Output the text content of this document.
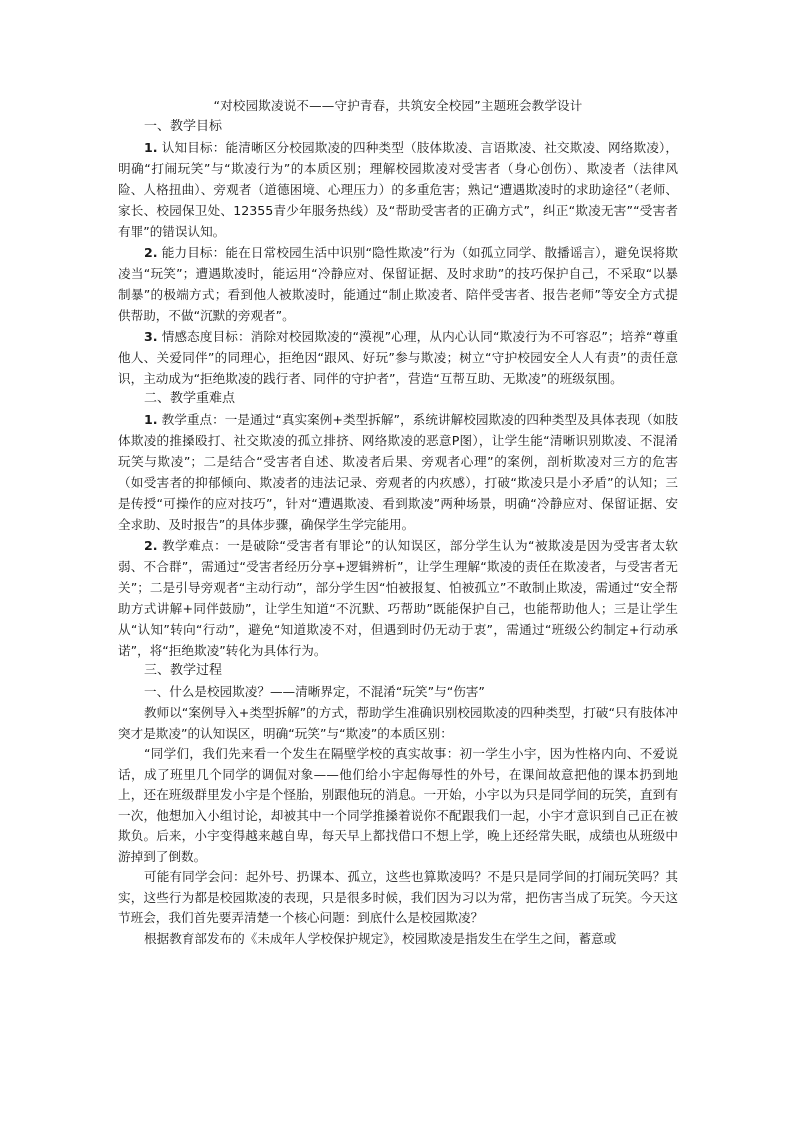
“对校园欺凌说不——守护青春，共筑安全校园”主题班会教学设计

一、教学目标

1. 认知目标：能清晰区分校园欺凌的四种类型（肢体欺凌、言语欺凌、社交欺凌、网络欺凌），明确“打闹玩笑”与“欺凌行为”的本质区别；理解校园欺凌对受害者（身心创伤）、欺凌者（法律风险、人格扭曲）、旁观者（道德困境、心理压力）的多重危害；熟记“遭遇欺凌时的求助途径”（老师、家长、校园保卫处、12355青少年服务热线）及“帮助受害者的正确方式”，纠正“欺凌无害”“受害者有罪”的错误认知。

2. 能力目标：能在日常校园生活中识别“隐性欺凌”行为（如孤立同学、散播谣言），避免误将欺凌当“玩笑”；遭遇欺凌时，能运用“冷静应对、保留证据、及时求助”的技巧保护自己，不采取“以暴制暴”的极端方式；看到他人被欺凌时，能通过“制止欺凌者、陪伴受害者、报告老师”等安全方式提供帮助，不做“沉默的旁观者”。

3. 情感态度目标：消除对校园欺凌的“漠视”心理，从内心认同“欺凌行为不可容忍”；培养“尊重他人、关爱同伴”的同理心，拒绝因“跟风、好玩”参与欺凌；树立“守护校园安全人人有责”的责任意识，主动成为“拒绝欺凌的践行者、同伴的守护者”，营造“互帮互助、无欺凌”的班级氛围。

二、教学重难点

1. 教学重点：一是通过“真实案例+类型拆解”，系统讲解校园欺凌的四种类型及具体表现（如肢体欺凌的推搡殴打、社交欺凌的孤立排挤、网络欺凌的恶意P图），让学生能“清晰识别欺凌、不混淆玩笑与欺凌”；二是结合“受害者自述、欺凌者后果、旁观者心理”的案例，剖析欺凌对三方的危害（如受害者的抑郁倾向、欺凌者的违法记录、旁观者的内疚感），打破“欺凌只是小矛盾”的认知；三是传授“可操作的应对技巧”，针对“遭遇欺凌、看到欺凌”两种场景，明确“冷静应对、保留证据、安全求助、及时报告”的具体步骤，确保学生学完能用。

2. 教学难点：一是破除“受害者有罪论”的认知误区，部分学生认为“被欺凌是因为受害者太软弱、不合群”，需通过“受害者经历分享+逻辑辨析”，让学生理解“欺凌的责任在欺凌者，与受害者无关”；二是引导旁观者“主动行动”，部分学生因“怕被报复、怕被孤立”不敢制止欺凌，需通过“安全帮助方式讲解+同伴鼓励”，让学生知道“不沉默、巧帮助”既能保护自己，也能帮助他人；三是让学生从“认知”转向“行动”，避免“知道欺凌不对，但遇到时仍无动于衷”，需通过“班级公约制定+行动承诺”，将“拒绝欺凌”转化为具体行为。

三、教学过程

一、什么是校园欺凌？——清晰界定，不混淆“玩笑”与“伤害”

教师以“案例导入+类型拆解”的方式，帮助学生准确识别校园欺凌的四种类型，打破“只有肢体冲突才是欺凌”的认知误区，明确“玩笑”与“欺凌”的本质区别：

“同学们，我们先来看一个发生在隔壁学校的真实故事：初一学生小宇，因为性格内向、不爱说话，成了班里几个同学的调侃对象——他们给小宇起侮辱性的外号，在课间故意把他的课本扔到地上，还在班级群里发小宇是个怪胎，别跟他玩的消息。一开始，小宇以为只是同学间的玩笑，直到有一次，他想加入小组讨论，却被其中一个同学推搡着说你不配跟我们一起，小宇才意识到自己正在被欺负。后来，小宇变得越来越自卑，每天早上都找借口不想上学，晚上还经常失眠，成绩也从班级中游掉到了倒数。

可能有同学会问：起外号、扔课本、孤立，这些也算欺凌吗？不是只是同学间的打闹玩笑吗？其实，这些行为都是校园欺凌的表现，只是很多时候，我们因为习以为常，把伤害当成了玩笑。今天这节班会，我们首先要弄清楚一个核心问题：到底什么是校园欺凌？

根据教育部发布的《未成年人学校保护规定》，校园欺凌是指发生在学生之间，蓄意或
